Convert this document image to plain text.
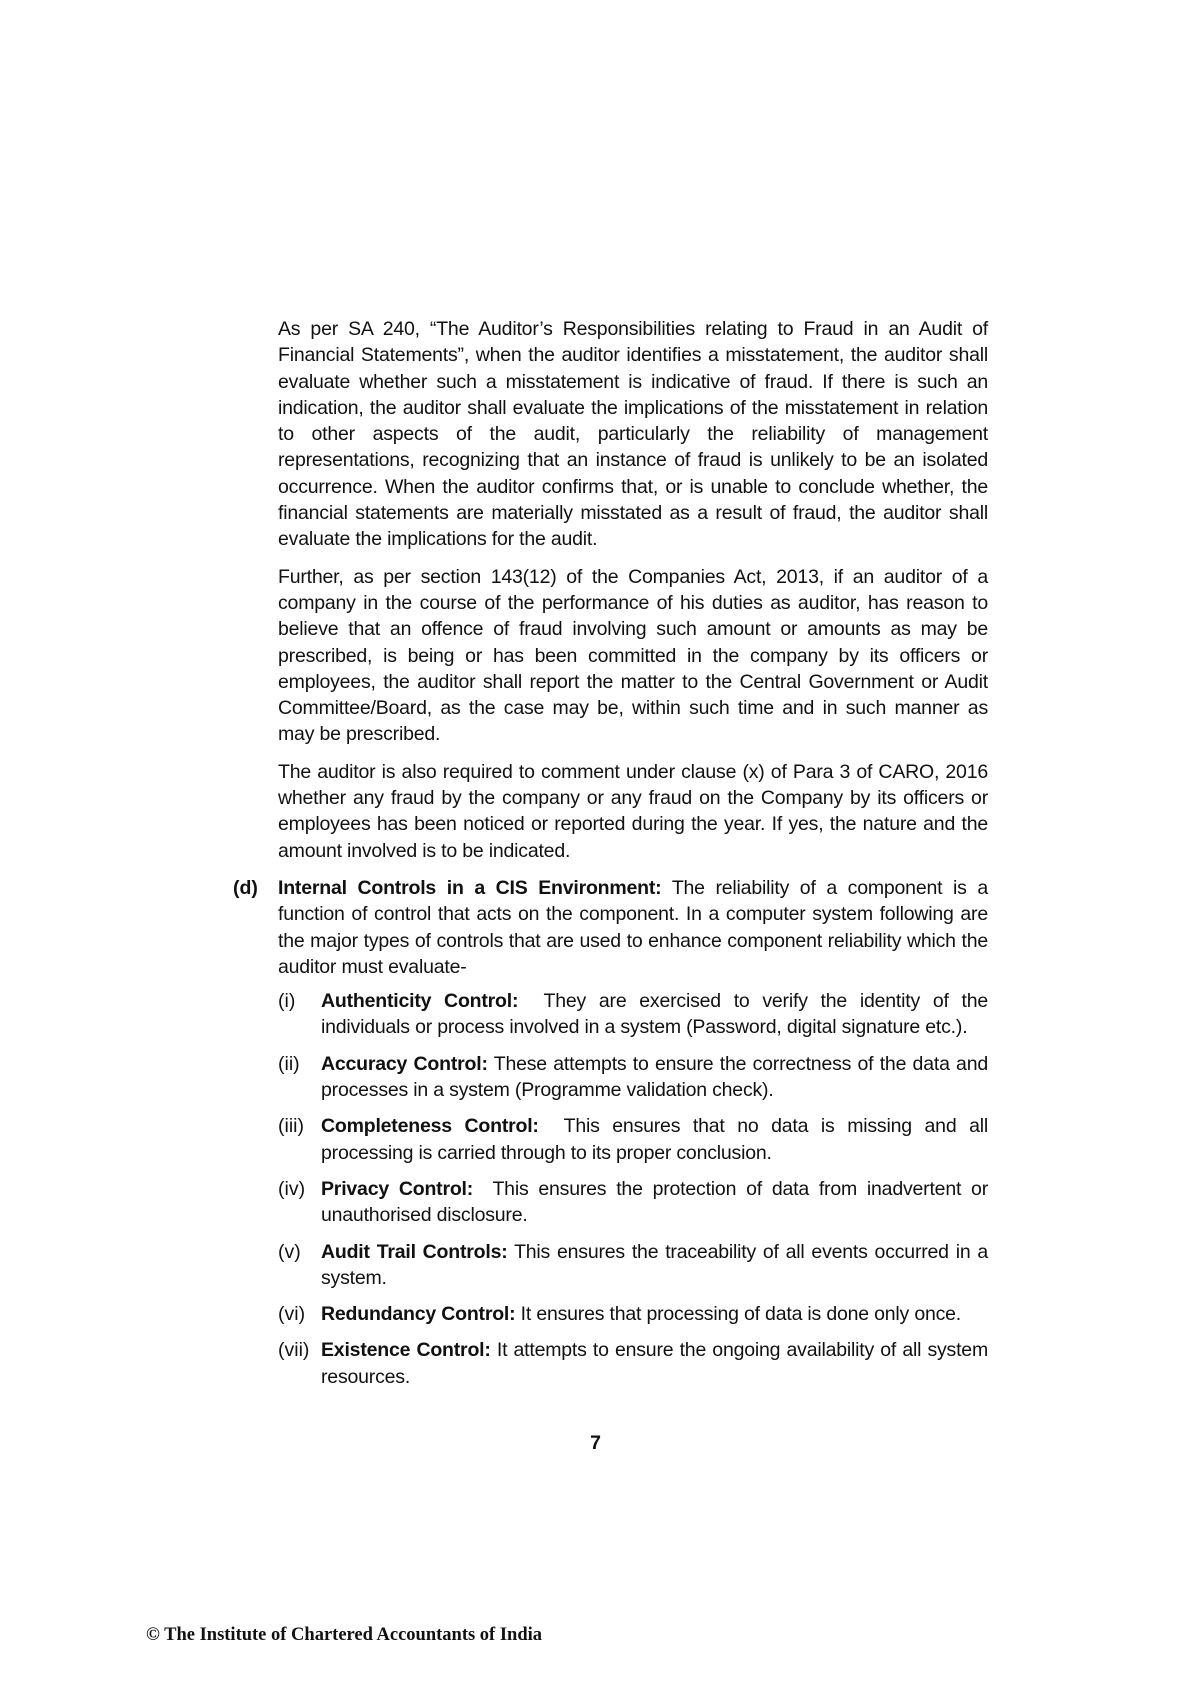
As per SA 240, “The Auditor’s Responsibilities relating to Fraud in an Audit of Financial Statements”, when the auditor identifies a misstatement, the auditor shall evaluate whether such a misstatement is indicative of fraud. If there is such an indication, the auditor shall evaluate the implications of the misstatement in relation to other aspects of the audit, particularly the reliability of management representations, recognizing that an instance of fraud is unlikely to be an isolated occurrence. When the auditor confirms that, or is unable to conclude whether, the financial statements are materially misstated as a result of fraud, the auditor shall evaluate the implications for the audit.

Further, as per section 143(12) of the Companies Act, 2013, if an auditor of a company in the course of the performance of his duties as auditor, has reason to believe that an offence of fraud involving such amount or amounts as may be prescribed, is being or has been committed in the company by its officers or employees, the auditor shall report the matter to the Central Government or Audit Committee/Board, as the case may be, within such time and in such manner as may be prescribed.

The auditor is also required to comment under clause (x) of Para 3 of CARO, 2016 whether any fraud by the company or any fraud on the Company by its officers or employees has been noticed or reported during the year. If yes, the nature and the amount involved is to be indicated.

(d) Internal Controls in a CIS Environment: The reliability of a component is a function of control that acts on the component. In a computer system following are the major types of controls that are used to enhance component reliability which the auditor must evaluate-

(i) Authenticity Control: They are exercised to verify the identity of the individuals or process involved in a system (Password, digital signature etc.).
(ii) Accuracy Control: These attempts to ensure the correctness of the data and processes in a system (Programme validation check).
(iii) Completeness Control: This ensures that no data is missing and all processing is carried through to its proper conclusion.
(iv) Privacy Control: This ensures the protection of data from inadvertent or unauthorised disclosure.
(v) Audit Trail Controls: This ensures the traceability of all events occurred in a system.
(vi) Redundancy Control: It ensures that processing of data is done only once.
(vii) Existence Control: It attempts to ensure the ongoing availability of all system resources.
7
© The Institute of Chartered Accountants of India
